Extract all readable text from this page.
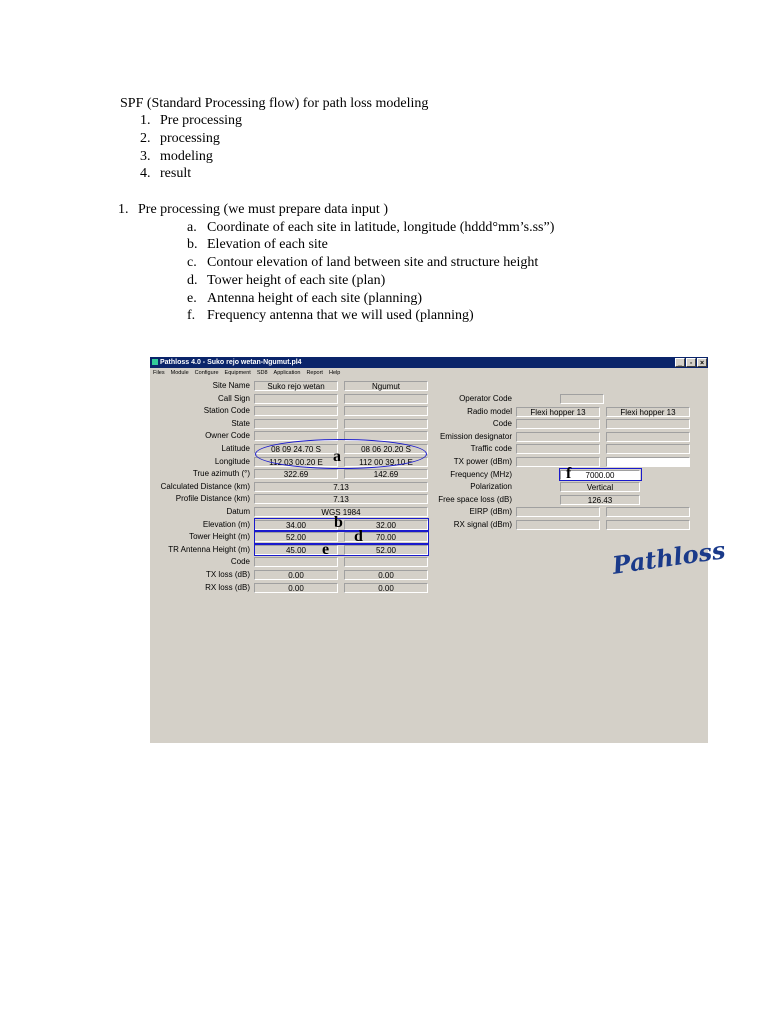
SPF (Standard Processing flow) for path loss modeling
1. Pre processing
2. processing
3. modeling
4. result
1. Pre processing (we must prepare data input )
a. Coordinate of each site in latitude, longitude (hddd°mm’s.ss”)
b. Elevation of each site
c. Contour elevation of land between site and structure height
d. Tower height of each site (plan)
e. Antenna height of each site (planning)
f. Frequency antenna that we will used (planning)
Pathloss 4.0 - Suko rejo wetan-Ngumut.pl4	_	▫	×
Files Module Configure Equipment SD8 Application Report Help
Site Name	Suko rejo wetan	Ngumut
Call Sign
Station Code
State
Owner Code
Latitude	08 09 24.70 S	08 06 20.20 S
Longitude	112 03 00.20 E	112 00 39.10 E
True azimuth (°)	322.69	142.69
Calculated Distance (km)	7.13
Profile Distance (km)	7.13
Datum	WGS 1984
Elevation (m)	34.00	32.00
Tower Height (m)	52.00	70.00
TR Antenna Height (m)	45.00	52.00
Code
TX loss (dB)	0.00	0.00
RX loss (dB)	0.00	0.00
Operator Code
Radio model	Flexi hopper 13	Flexi hopper 13
Code
Emission designator
Traffic code
TX power (dBm)
Frequency (MHz)	7000.00
Polarization	Vertical
Free space loss (dB)	126.43
EIRP (dBm)
RX signal (dBm)
a
b
d
e
f
Pathloss
